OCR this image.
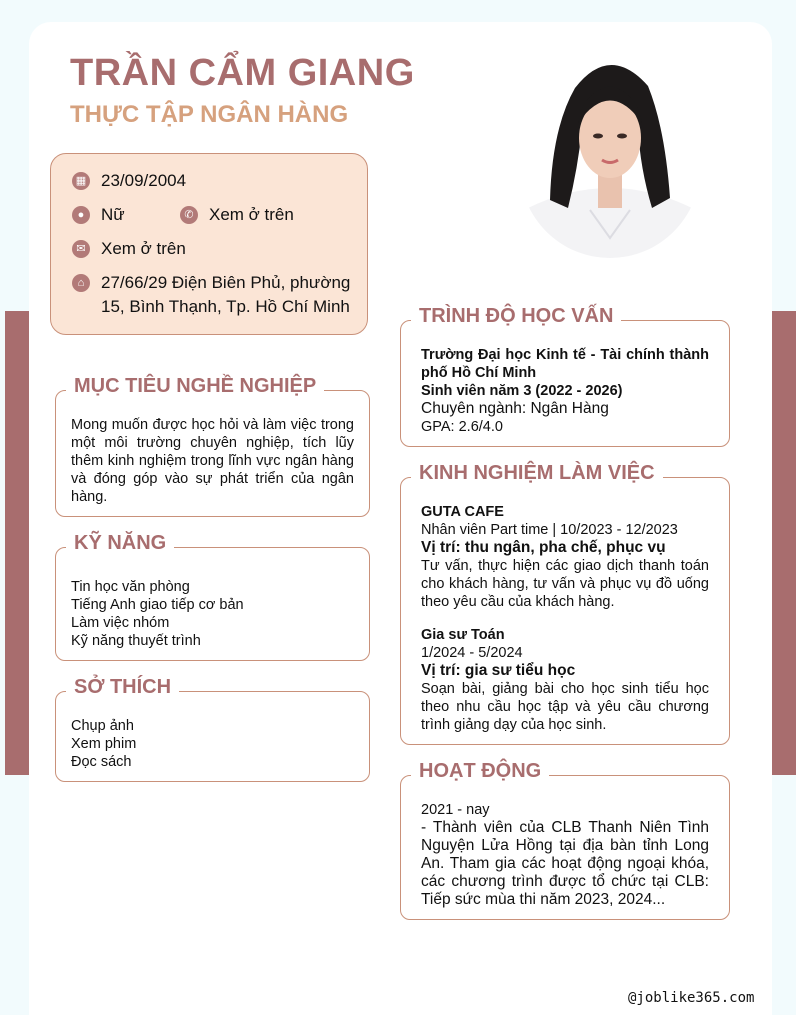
TRẦN CẨM GIANG
THỰC TẬP NGÂN HÀNG
▦ 23/09/2004
● Nữ	✆ Xem ở trên
✉ Xem ở trên
⌂ 27/66/29 Điện Biên Phủ, phường
15, Bình Thạnh, Tp. Hồ Chí Minh
MỤC TIÊU NGHỀ NGHIỆP
Mong muốn được học hỏi và làm việc trong một môi trường chuyên nghiệp, tích lũy thêm kinh nghiệm trong lĩnh vực ngân hàng và đóng góp vào sự phát triển của ngân hàng.
KỸ NĂNG
Tin học văn phòng
Tiếng Anh giao tiếp cơ bản
Làm việc nhóm
Kỹ năng thuyết trình
SỞ THÍCH
Chụp ảnh
Xem phim
Đọc sách
TRÌNH ĐỘ HỌC VẤN
Trường Đại học Kinh tế - Tài chính thành phố Hồ Chí Minh
Sinh viên năm 3 (2022 - 2026)
Chuyên ngành: Ngân Hàng
GPA: 2.6/4.0
KINH NGHIỆM LÀM VIỆC
GUTA CAFE
Nhân viên Part time | 10/2023 - 12/2023
Vị trí: thu ngân, pha chế, phục vụ
Tư vấn, thực hiện các giao dịch thanh toán cho khách hàng, tư vấn và phục vụ đồ uống theo yêu cầu của khách hàng.
Gia sư Toán
1/2024 - 5/2024
Vị trí: gia sư tiểu học
Soạn bài, giảng bài cho học sinh tiểu học theo nhu cầu học tập và yêu cầu chương trình giảng dạy của học sinh.
HOẠT ĐỘNG
2021 - nay
- Thành viên của CLB Thanh Niên Tình Nguyện Lửa Hồng tại địa bàn tỉnh Long An. Tham gia các hoạt động ngoại khóa, các chương trình được tổ chức tại CLB: Tiếp sức mùa thi năm 2023, 2024...
@joblike365.com
